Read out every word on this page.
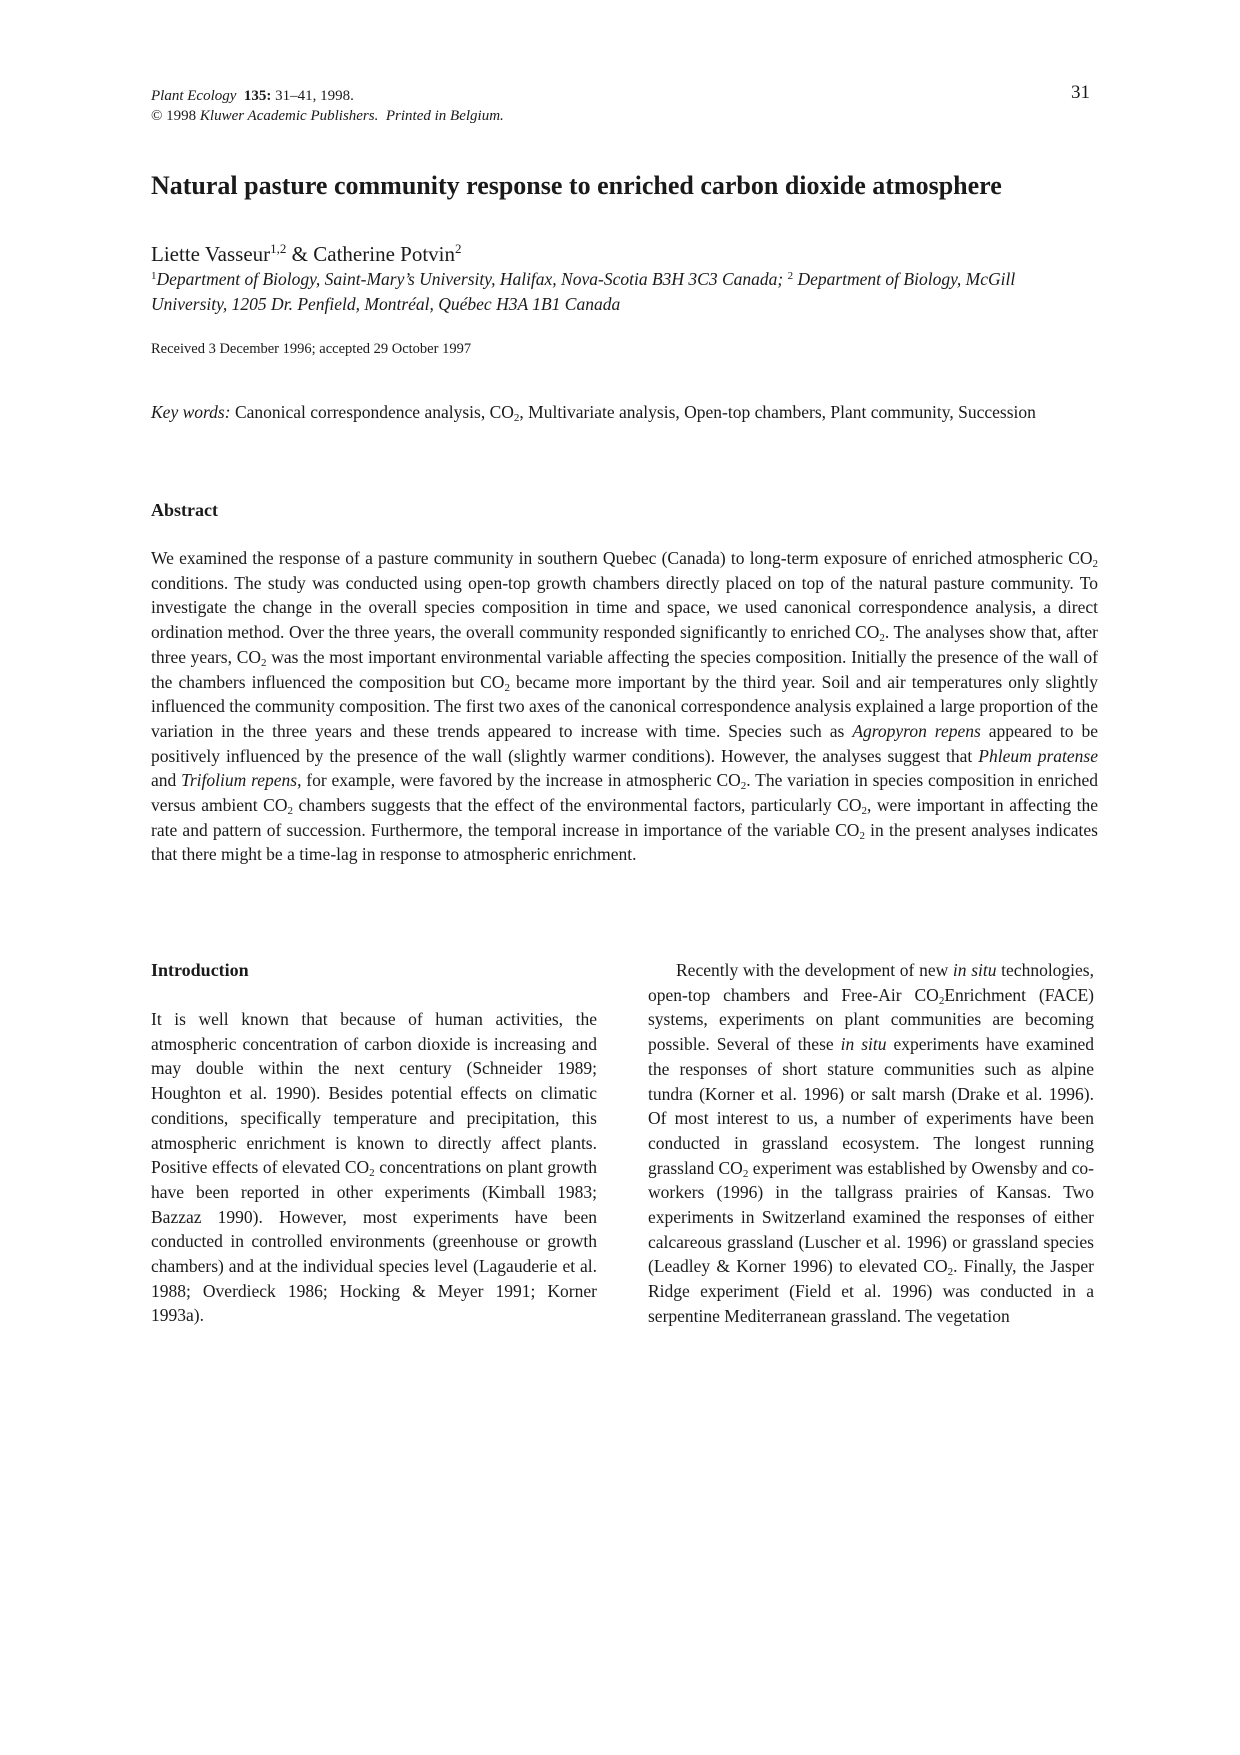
Plant Ecology 135: 31–41, 1998.
© 1998 Kluwer Academic Publishers. Printed in Belgium.
31
Natural pasture community response to enriched carbon dioxide atmosphere
Liette Vasseur$^{1,2}$ & Catherine Potvin$^2$
$^1$Department of Biology, Saint-Mary’s University, Halifax, Nova-Scotia B3H 3C3 Canada; $^2$ Department of Biology, McGill University, 1205 Dr. Penfield, Montréal, Québec H3A 1B1 Canada
Received 3 December 1996; accepted 29 October 1997
Key words: Canonical correspondence analysis, $CO_2$, Multivariate analysis, Open-top chambers, Plant community, Succession
Abstract
We examined the response of a pasture community in southern Quebec (Canada) to long-term exposure of enriched atmospheric $CO_2$ conditions. The study was conducted using open-top growth chambers directly placed on top of the natural pasture community. To investigate the change in the overall species composition in time and space, we used canonical correspondence analysis, a direct ordination method. Over the three years, the overall community responded significantly to enriched $CO_2$. The analyses show that, after three years, $CO_2$ was the most important environmental variable affecting the species composition. Initially the presence of the wall of the chambers influenced the composition but $CO_2$ became more important by the third year. Soil and air temperatures only slightly influenced the community composition. The first two axes of the canonical correspondence analysis explained a large proportion of the variation in the three years and these trends appeared to increase with time. Species such as Agropyron repens appeared to be positively influenced by the presence of the wall (slightly warmer conditions). However, the analyses suggest that Phleum pratense and Trifolium repens, for example, were favored by the increase in atmospheric $CO_2$. The variation in species composition in enriched versus ambient $CO_2$ chambers suggests that the effect of the environmental factors, particularly $CO_2$, were important in affecting the rate and pattern of succession. Furthermore, the temporal increase in importance of the variable $CO_2$ in the present analyses indicates that there might be a time-lag in response to atmospheric enrichment.
Introduction

It is well known that because of human activities, the atmospheric concentration of carbon dioxide is increasing and may double within the next century (Schneider 1989; Houghton et al. 1990). Besides potential effects on climatic conditions, specifically temperature and precipitation, this atmospheric enrichment is known to directly affect plants. Positive effects of elevated $CO_2$ concentrations on plant growth have been reported in other experiments (Kimball 1983; Bazzaz 1990). However, most experiments have been conducted in controlled environments (greenhouse or growth chambers) and at the individual species level (Lagauderie et al. 1988; Overdieck 1986; Hocking & Meyer 1991; Korner 1993a).

Recently with the development of new in situ technologies, open-top chambers and Free-Air $CO_2Enrichment$ (FACE) systems, experiments on plant communities are becoming possible. Several of these in situ experiments have examined the responses of short stature communities such as alpine tundra (Korner et al. 1996) or salt marsh (Drake et al. 1996). Of most interest to us, a number of experiments have been conducted in grassland ecosystem. The longest running grassland $CO_2$ experiment was established by Owensby and co-workers (1996) in the tallgrass prairies of Kansas. Two experiments in Switzerland examined the responses of either calcareous grassland (Luscher et al. 1996) or grassland species (Leadley & Korner 1996) to elevated $CO_2$. Finally, the Jasper Ridge experiment (Field et al. 1996) was conducted in a serpentine Mediterranean grassland. The vegetation
